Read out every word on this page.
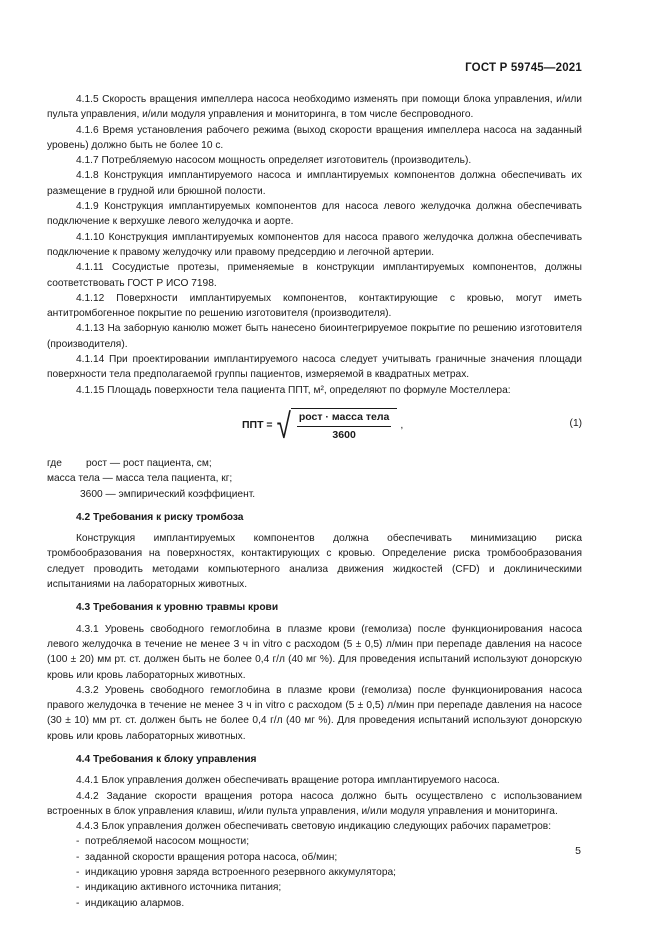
ГОСТ Р 59745—2021

4.1.5 Скорость вращения импеллера насоса необходимо изменять при помощи блока управления, и/или пульта управления, и/или модуля управления и мониторинга, в том числе беспроводного.

4.1.6 Время установления рабочего режима (выход скорости вращения импеллера насоса на заданный уровень) должно быть не более 10 с.

4.1.7 Потребляемую насосом мощность определяет изготовитель (производитель).

4.1.8 Конструкция имплантируемого насоса и имплантируемых компонентов должна обеспечивать их размещение в грудной или брюшной полости.

4.1.9 Конструкция имплантируемых компонентов для насоса левого желудочка должна обеспечивать подключение к верхушке левого желудочка и аорте.

4.1.10 Конструкция имплантируемых компонентов для насоса правого желудочка должна обеспечивать подключение к правому желудочку или правому предсердию и легочной артерии.

4.1.11 Сосудистые протезы, применяемые в конструкции имплантируемых компонентов, должны соответствовать ГОСТ Р ИСО 7198.

4.1.12 Поверхности имплантируемых компонентов, контактирующие с кровью, могут иметь антитромбогенное покрытие по решению изготовителя (производителя).

4.1.13 На заборную канюлю может быть нанесено биоинтегрируемое покрытие по решению изготовителя (производителя).

4.1.14 При проектировании имплантируемого насоса следует учитывать граничные значения площади поверхности тела предполагаемой группы пациентов, измеряемой в квадратных метрах.

4.1.15 Площадь поверхности тела пациента ППТ, м², определяют по формуле Мостеллера:

ППТ = √ $\frac{\text{рост · масса тела}}{3600}$ ,	(1)

где рост — рост пациента, см;

масса тела — масса тела пациента, кг;

3600 — эмпирический коэффициент.

4.2 Требования к риску тромбоза

Конструкция имплантируемых компонентов должна обеспечивать минимизацию риска тромбообразования на поверхностях, контактирующих с кровью. Определение риска тромбообразования следует проводить методами компьютерного анализа движения жидкостей (CFD) и доклиническими испытаниями на лабораторных животных.

4.3 Требования к уровню травмы крови

4.3.1 Уровень свободного гемоглобина в плазме крови (гемолиза) после функционирования насоса левого желудочка в течение не менее 3 ч in vitro с расходом (5 ± 0,5) л/мин при перепаде давления на насосе (100 ± 20) мм рт. ст. должен быть не более 0,4 г/л (40 мг %). Для проведения испытаний используют донорскую кровь или кровь лабораторных животных.

4.3.2 Уровень свободного гемоглобина в плазме крови (гемолиза) после функционирования насоса правого желудочка в течение не менее 3 ч in vitro с расходом (5 ± 0,5) л/мин при перепаде давления на насосе (30 ± 10) мм рт. ст. должен быть не более 0,4 г/л (40 мг %). Для проведения испытаний используют донорскую кровь или кровь лабораторных животных.

4.4 Требования к блоку управления

4.4.1 Блок управления должен обеспечивать вращение ротора имплантируемого насоса.

4.4.2 Задание скорости вращения ротора насоса должно быть осуществлено с использованием встроенных в блок управления клавиш, и/или пульта управления, и/или модуля управления и мониторинга.

4.4.3 Блок управления должен обеспечивать световую индикацию следующих рабочих параметров:

- потребляемой насосом мощности;
- заданной скорости вращения ротора насоса, об/мин;
- индикацию уровня заряда встроенного резервного аккумулятора;
- индикацию активного источника питания;
- индикацию алармов.
5
